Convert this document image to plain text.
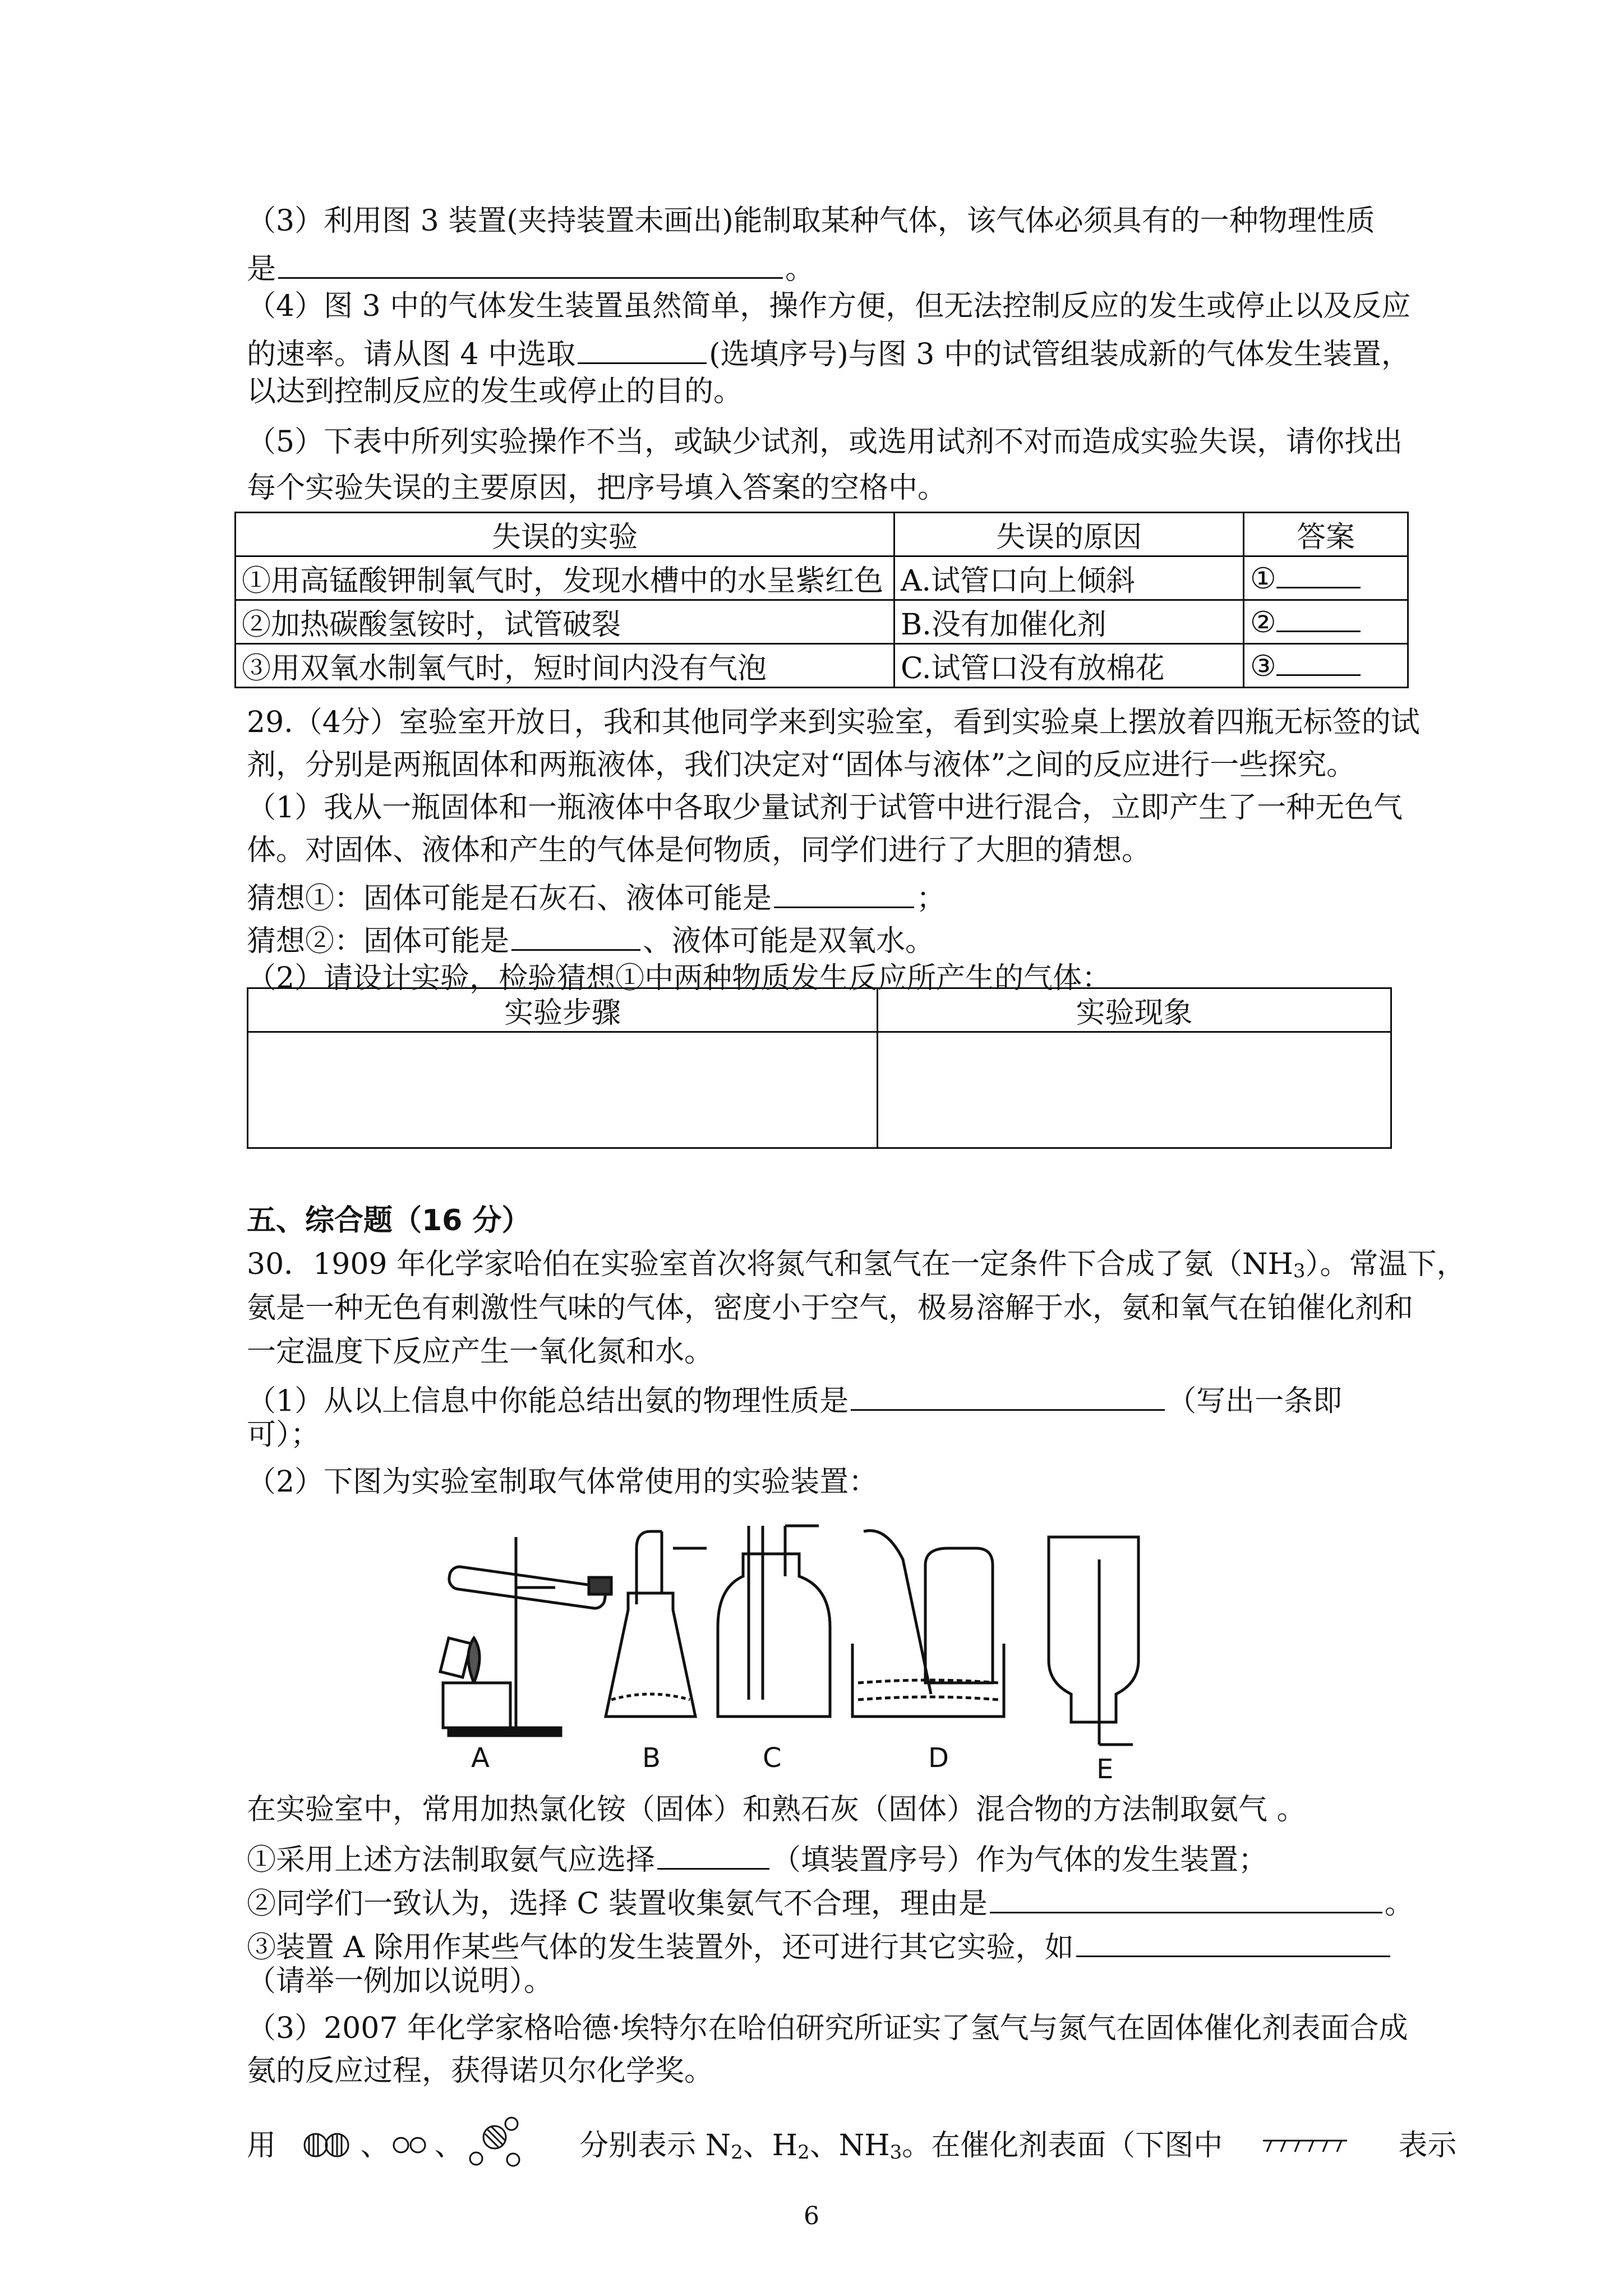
（3）利用图 3 装置(夹持装置未画出)能制取某种气体，该气体必须具有的一种物理性质
是	。
（4）图 3 中的气体发生装置虽然简单，操作方便，但无法控制反应的发生或停止以及反应
的速率。请从图 4 中选取	(选填序号)与图 3 中的试管组装成新的气体发生装置，
以达到控制反应的发生或停止的目的。
（5）下表中所列实验操作不当，或缺少试剂，或选用试剂不对而造成实验失误，请你找出
每个实验失误的主要原因，把序号填入答案的空格中。
失误的实验	失误的原因	答案
①用高锰酸钾制氧气时，发现水槽中的水呈紫红色	A.试管口向上倾斜	①
②加热碳酸氢铵时，试管破裂	B.没有加催化剂	②
③用双氧水制氧气时，短时间内没有气泡	C.试管口没有放棉花	③
29.（4分）室验室开放日，我和其他同学来到实验室，看到实验桌上摆放着四瓶无标签的试
剂，分别是两瓶固体和两瓶液体，我们决定对“固体与液体”之间的反应进行一些探究。
（1）我从一瓶固体和一瓶液体中各取少量试剂于试管中进行混合，立即产生了一种无色气
体。对固体、液体和产生的气体是何物质，同学们进行了大胆的猜想。
猜想①：固体可能是石灰石、液体可能是	；
猜想②：固体可能是	、液体可能是双氧水。
（2）请设计实验，检验猜想①中两种物质发生反应所产生的气体：
实验步骤	实验现象

五、综合题（16 分）
30．1909 年化学家哈伯在实验室首次将氮气和氢气在一定条件下合成了氨（NH3）。常温下，
氨是一种无色有刺激性气味的气体，密度小于空气，极易溶解于水，氨和氧气在铂催化剂和
一定温度下反应产生一氧化氮和水。
（1）从以上信息中你能总结出氨的物理性质是	（写出一条即
可）；
（2）下图为实验室制取气体常使用的实验装置：
A	B	C	D	E
在实验室中，常用加热氯化铵（固体）和熟石灰（固体）混合物的方法制取氨气 。
①采用上述方法制取氨气应选择	（填装置序号）作为气体的发生装置；
②同学们一致认为，选择 C 装置收集氨气不合理，理由是	。
③装置 A 除用作某些气体的发生装置外，还可进行其它实验，如
（请举一例加以说明）。
（3）2007 年化学家格哈德·埃特尔在哈伯研究所证实了氢气与氮气在固体催化剂表面合成
氨的反应过程，获得诺贝尔化学奖。
用	、 、	分别表示 N2、H2、NH3。在催化剂表面（下图中	表示
6
